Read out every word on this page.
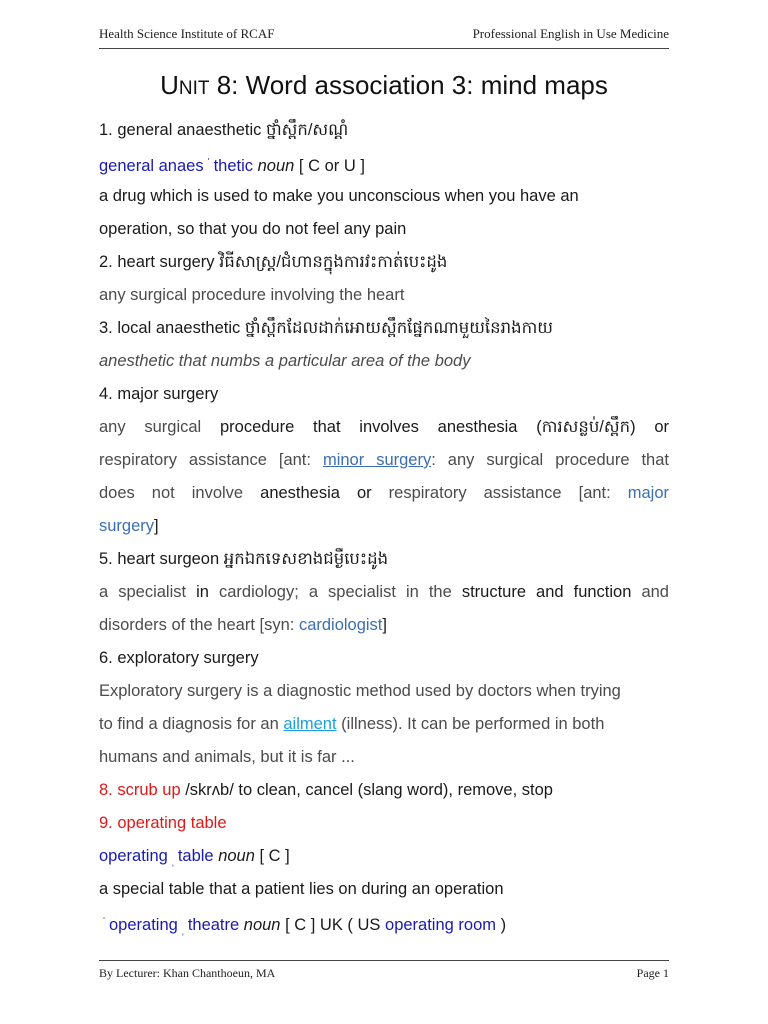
Health Science Institute of RCAF	Professional English in Use Medicine
UNIT 8: Word association 3: mind maps
1. general anaesthetic ថ្នាំស្ពឹក/សណ្ដំ
general anaes $^ˈ$ thetic noun [ C or U ]
a drug which is used to make you unconscious when you have an
operation, so that you do not feel any pain
2. heart surgery វិធីសាស្ត្រ/ជំហានក្នុងការវះកាត់បេះដូង
any surgical procedure involving the heart
3. local anaesthetic ថ្នាំស្ពឹកដែលដាក់អោយស្ពឹកផ្នែកណាមួយនៃរាងកាយ
anesthetic that numbs a particular area of the body
4. major surgery
any surgical procedure that involves anesthesia (ការសន្លប់/ស្ពឹក) or
respiratory assistance [ant: minor surgery: any surgical procedure that
does not involve anesthesia or respiratory assistance [ant: major
surgery]
5. heart surgeon អ្នកឯកទេសខាងជម្ងឺបេះដូង
a specialist in cardiology; a specialist in the structure and function and
disorders of the heart [syn: cardiologist]
6. exploratory surgery
Exploratory surgery is a diagnostic method used by doctors when trying
to find a diagnosis for an ailment (illness). It can be performed in both
humans and animals, but it is far ...
8. scrub up /skrʌb/ to clean, cancel (slang word), remove, stop
9. operating table
operating ˌ table noun [ C ]
a special table that a patient lies on during an operation
$^ˈ$ operating ˌ theatre noun [ C ] UK ( US operating room )
By Lecturer: Khan Chanthoeun, MA	Page 1
